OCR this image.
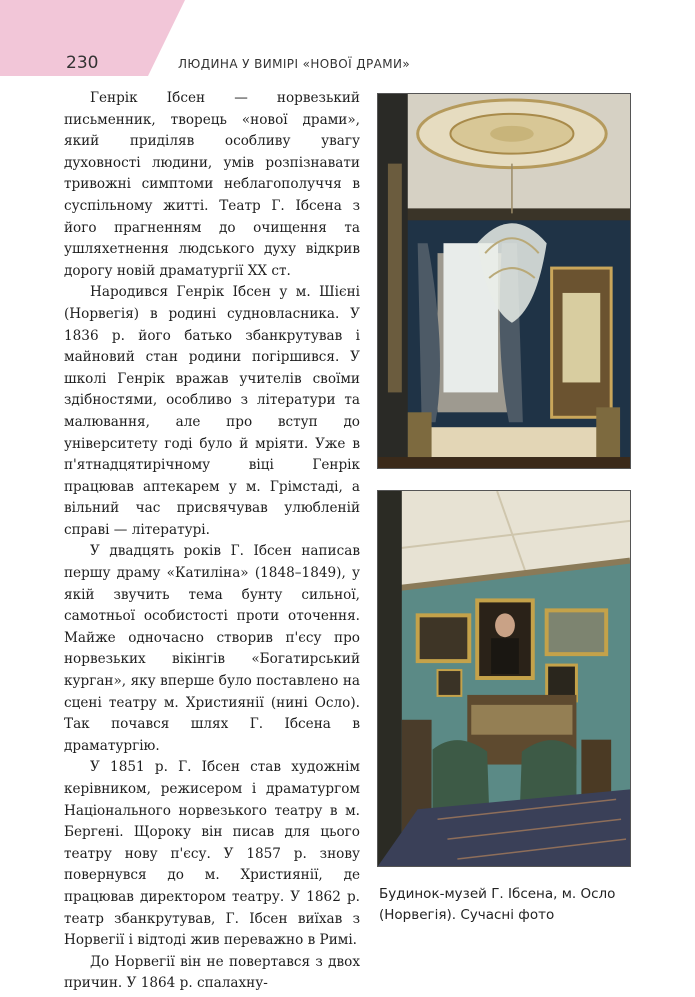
230	ЛЮДИНА У ВИМІРІ «НОВОЇ ДРАМИ»

Генрік Ібсен — норвезький письменник, творець «нової драми», який приділяв особливу увагу духовності людини, умів розпізнавати тривожні симптоми неблагополуччя в суспільному житті. Театр Г. Ібсена з його прагненням до очищення та ушляхетнення людського духу відкрив дорогу новій драматургії XX ст.

Народився Генрік Ібсен у м. Шієні (Норвегія) в родині судновласника. У 1836 р. його батько збанкрутував і майновий стан родини погіршився. У школі Генрік вражав учителів своїми здібностями, особливо з літератури та малювання, але про вступ до університету годі було й мріяти. Уже в п'ятнадцятирічному віці Генрік працював аптекарем у м. Грімстаді, а вільний час присвячував улюбленій справі — літературі.

У двадцять років Г. Ібсен написав першу драму «Катиліна» (1848–1849), у якій звучить тема бунту сильної, самотньої особистості проти оточення. Майже одночасно створив п'єсу про норвезьких вікінгів «Богатирський курган», яку вперше було поставлено на сцені театру м. Християнії (нині Осло). Так почався шлях Г. Ібсена в драматургію.

У 1851 р. Г. Ібсен став художнім керівником, режисером і драматургом Національного норвезького театру в м. Бергені. Щороку він писав для цього театру нову п'єсу. У 1857 р. знову повернувся до м. Християнії, де працював директором театру. У 1862 р. театр збанкрутував, Г. Ібсен виїхав з Норвегії і відтоді жив переважно в Римі.

До Норвегії він не повертався з двох причин. У 1864 р. спалахну-

Будинок-музей Г. Ібсена, м. Осло (Норвегія). Сучасні фото
